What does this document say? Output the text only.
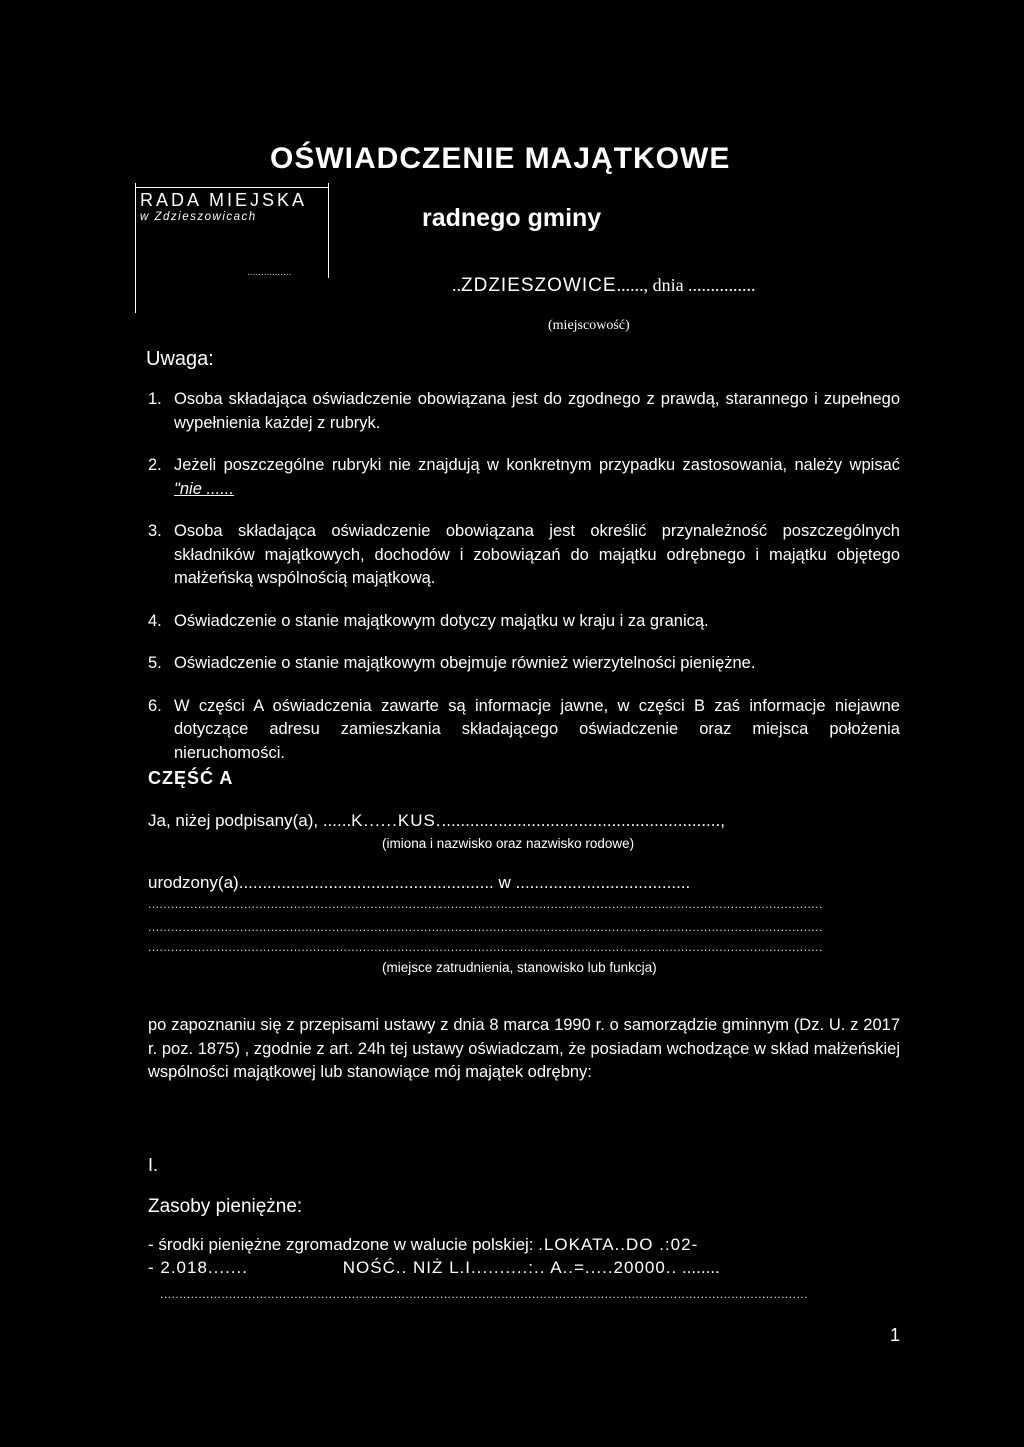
OŚWIADCZENIE MAJĄTKOWE
radnego gminy
RADA MIEJSKA
w Zdzieszowicach
................
..ZDZIESZOWICE......, dnia ...............
(miejscowość)
Uwaga:
1. Osoba składająca oświadczenie obowiązana jest do zgodnego z prawdą, starannego i zupełnego wypełnienia każdej z rubryk.
2. Jeżeli poszczególne rubryki nie znajdują w konkretnym przypadku zastosowania, należy wpisać "nie ......
3. Osoba składająca oświadczenie obowiązana jest określić przynależność poszczególnych składników majątkowych, dochodów i zobowiązań do majątku odrębnego i majątku objętego małżeńską wspólnością majątkową.
4. Oświadczenie o stanie majątkowym dotyczy majątku w kraju i za granicą.
5. Oświadczenie o stanie majątkowym obejmuje również wierzytelności pieniężne.
6. W części A oświadczenia zawarte są informacje jawne, w części B zaś informacje niejawne dotyczące adresu zamieszkania składającego oświadczenie oraz miejsca położenia nieruchomości.
CZĘŚĆ A
Ja, niżej podpisany(a), ......K......KUS............................................................,
(imiona i nazwisko oraz nazwisko rodowe)
urodzony(a)...................................................... w .....................................
................................................................................................................................................................................
................................................................................................................................................................................
................................................................................................................................................................................
(miejsce zatrudnienia, stanowisko lub funkcja)
po zapoznaniu się z przepisami ustawy z dnia 8 marca 1990 r. o samorządzie gminnym (Dz. U. z 2017 r. poz. 1875) , zgodnie z art. 24h tej ustawy oświadczam, że posiadam wchodzące w skład małżeńskiej wspólności majątkowej lub stanowiące mój majątek odrębny:
I.
Zasoby pieniężne:
- środki pieniężne zgromadzone w walucie polskiej: .LOKATA..DO .:02-
- 2.018.......	NOŚĆ.. NIŻ L.I..........:.. A..=.....20000.. ........
.........................................................................................................................................................................
1
